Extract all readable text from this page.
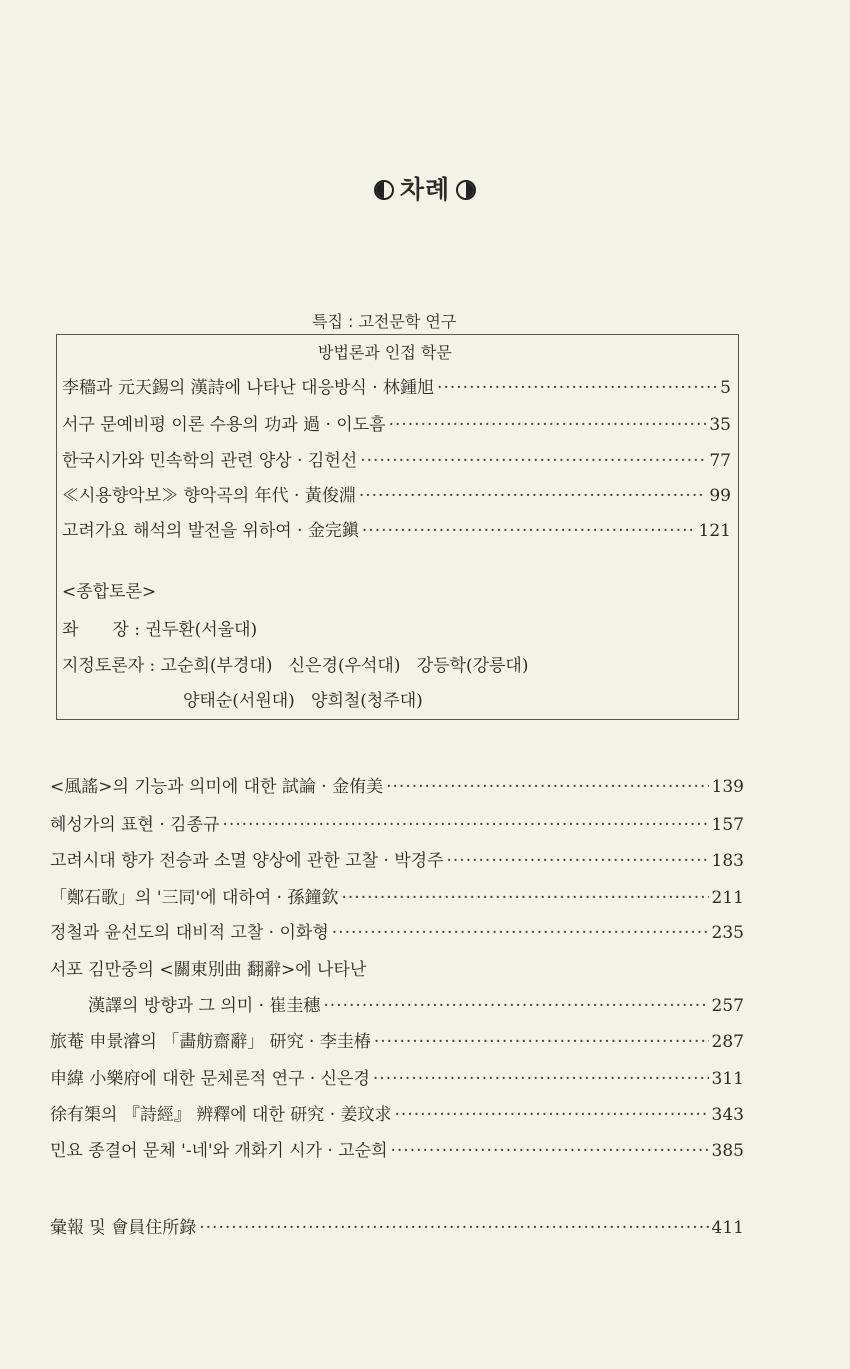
차례
특집 : 고전문학 연구
방법론과 인접 학문
李穡과 元天錫의 漢詩에 나타난 대응방식 · 林鍾旭 ·····	5
서구 문예비평 이론 수용의 功과 過 · 이도흠 ·····	35
한국시가와 민속학의 관련 양상 · 김헌선 ·····	77
≪시용향악보≫ 향악곡의 年代 · 黃俊淵 ·····	99
고려가요 해석의 발전을 위하여 · 金完鎭 ·····	121
<종합토론>
좌　　장 : 권두환(서울대)
지정토론자 : 고순희(부경대) 신은경(우석대) 강등학(강릉대)
양태순(서원대) 양희철(청주대)
<風謠>의 기능과 의미에 대한 試論 · 金侑美 ·····	139
혜성가의 표현 · 김종규 ·····	157
고려시대 향가 전승과 소멸 양상에 관한 고찰 · 박경주 ·····	183
「鄭石歌」의 '三同'에 대하여 · 孫鐘欽 ·····	211
정철과 윤선도의 대비적 고찰 · 이화형 ·····	235
서포 김만중의 <關東別曲 翻辭>에 나타난
漢譯의 방향과 그 의미 · 崔圭穗 ·····	257
旅菴 申景濬의 「畵舫齋辭」 研究 · 李圭椿 ·····	287
申緯 小樂府에 대한 문체론적 연구 · 신은경 ·····	311
徐有榘의 『詩經』 辨釋에 대한 研究 · 姜玟求 ·····	343
민요 종결어 문체 '-네'와 개화기 시가 · 고순희 ·····	385
彙報 및 會員住所錄 ·····	411
